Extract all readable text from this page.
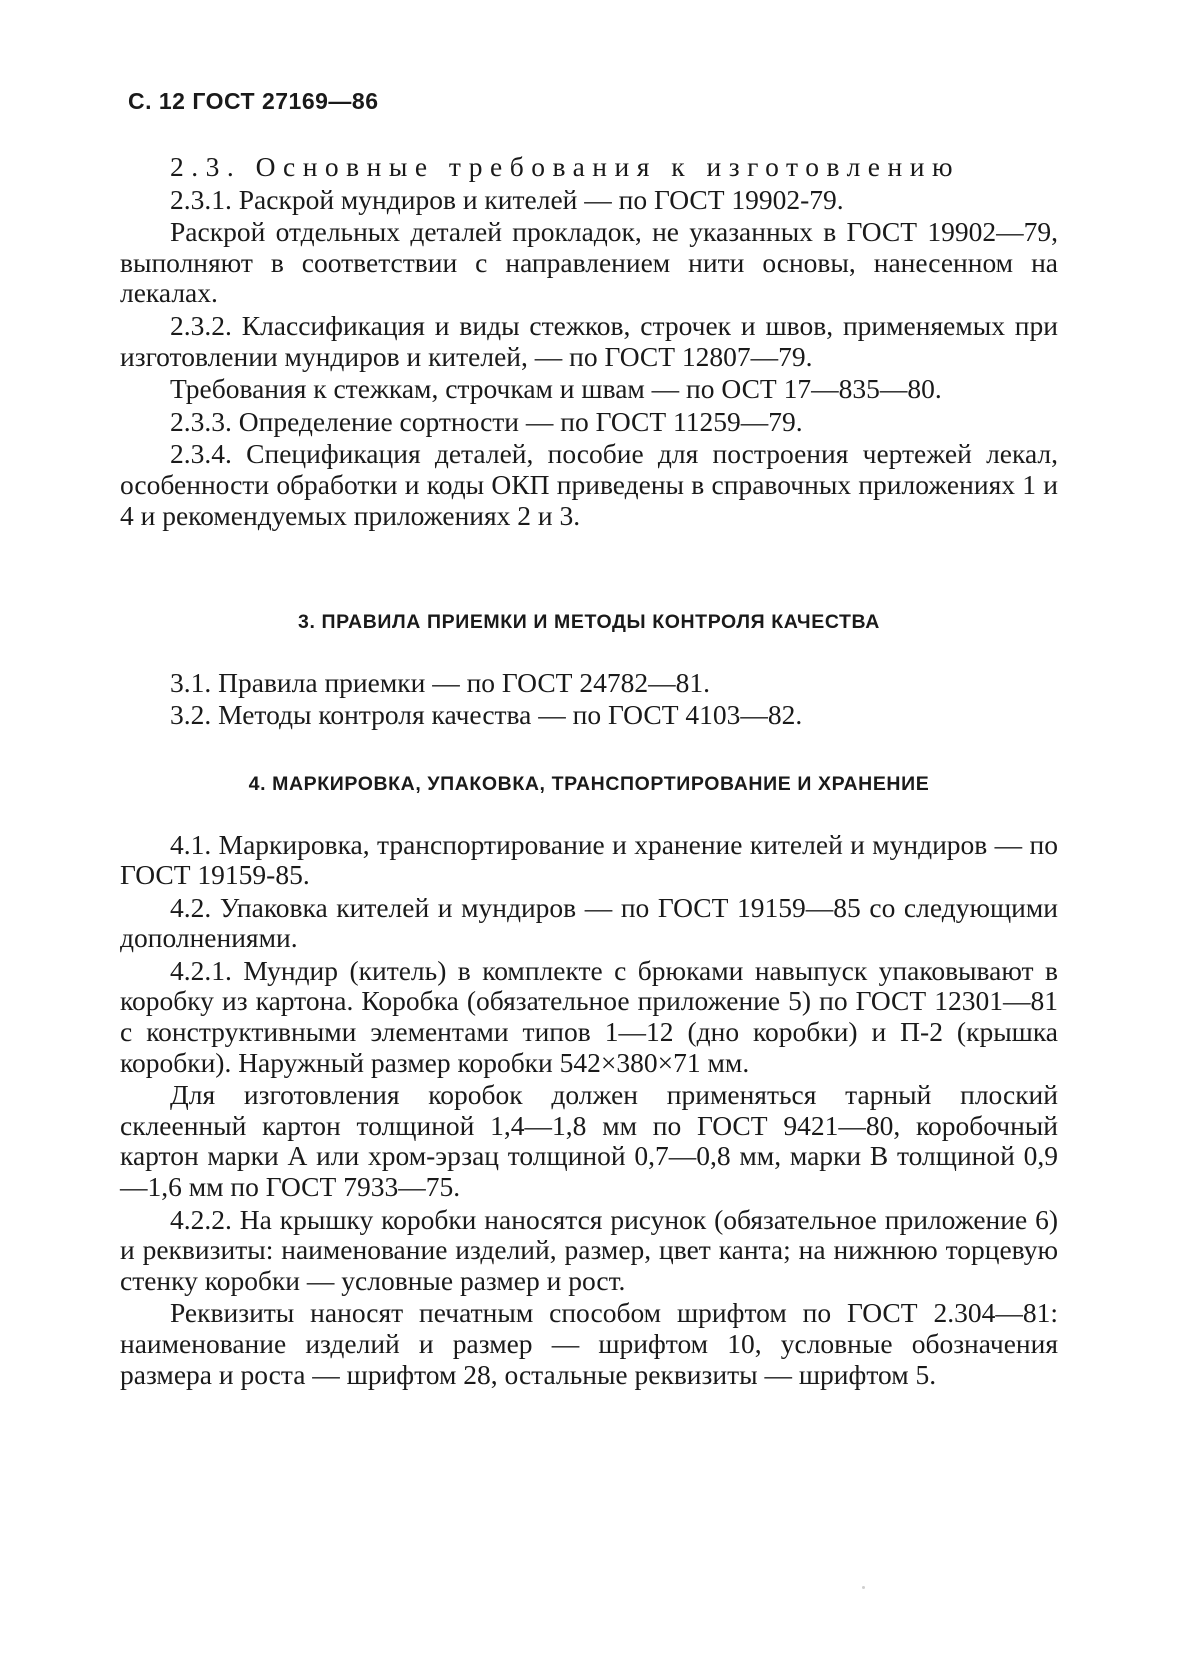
С. 12 ГОСТ 27169—86

2.3. Основные требования к изготовлению

2.3.1. Раскрой мундиров и кителей — по ГОСТ 19902-79.

Раскрой отдельных деталей прокладок, не указанных в ГОСТ 19902—79, выполняют в соответствии с направлением нити основы, нанесенном на лекалах.

2.3.2. Классификация и виды стежков, строчек и швов, применяемых при изготовлении мундиров и кителей, — по ГОСТ 12807—79.

Требования к стежкам, строчкам и швам — по ОСТ 17—835—80.

2.3.3. Определение сортности — по ГОСТ 11259—79.

2.3.4. Спецификация деталей, пособие для построения чертежей лекал, особенности обработки и коды ОКП приведены в справочных приложениях 1 и 4 и рекомендуемых приложениях 2 и 3.

3. ПРАВИЛА ПРИЕМКИ И МЕТОДЫ КОНТРОЛЯ КАЧЕСТВА

3.1. Правила приемки — по ГОСТ 24782—81.

3.2. Методы контроля качества — по ГОСТ 4103—82.

4. МАРКИРОВКА, УПАКОВКА, ТРАНСПОРТИРОВАНИЕ И ХРАНЕНИЕ

4.1. Маркировка, транспортирование и хранение кителей и мундиров — по ГОСТ 19159-85.

4.2. Упаковка кителей и мундиров — по ГОСТ 19159—85 со следующими дополнениями.

4.2.1. Мундир (китель) в комплекте с брюками навыпуск упаковывают в коробку из картона. Коробка (обязательное приложение 5) по ГОСТ 12301—81 с конструктивными элементами типов 1—12 (дно коробки) и П-2 (крышка коробки). Наружный размер коробки 542×380×71 мм.

Для изготовления коробок должен применяться тарный плоский склеенный картон толщиной 1,4—1,8 мм по ГОСТ 9421—80, коробочный картон марки А или хром-эрзац толщиной 0,7—0,8 мм, марки В толщиной 0,9—1,6 мм по ГОСТ 7933—75.

4.2.2. На крышку коробки наносятся рисунок (обязательное приложение 6) и реквизиты: наименование изделий, размер, цвет канта; на нижнюю торцевую стенку коробки — условные размер и рост.

Реквизиты наносят печатным способом шрифтом по ГОСТ 2.304—81: наименование изделий и размер — шрифтом 10, условные обозначения размера и роста — шрифтом 28, остальные реквизиты — шрифтом 5.
